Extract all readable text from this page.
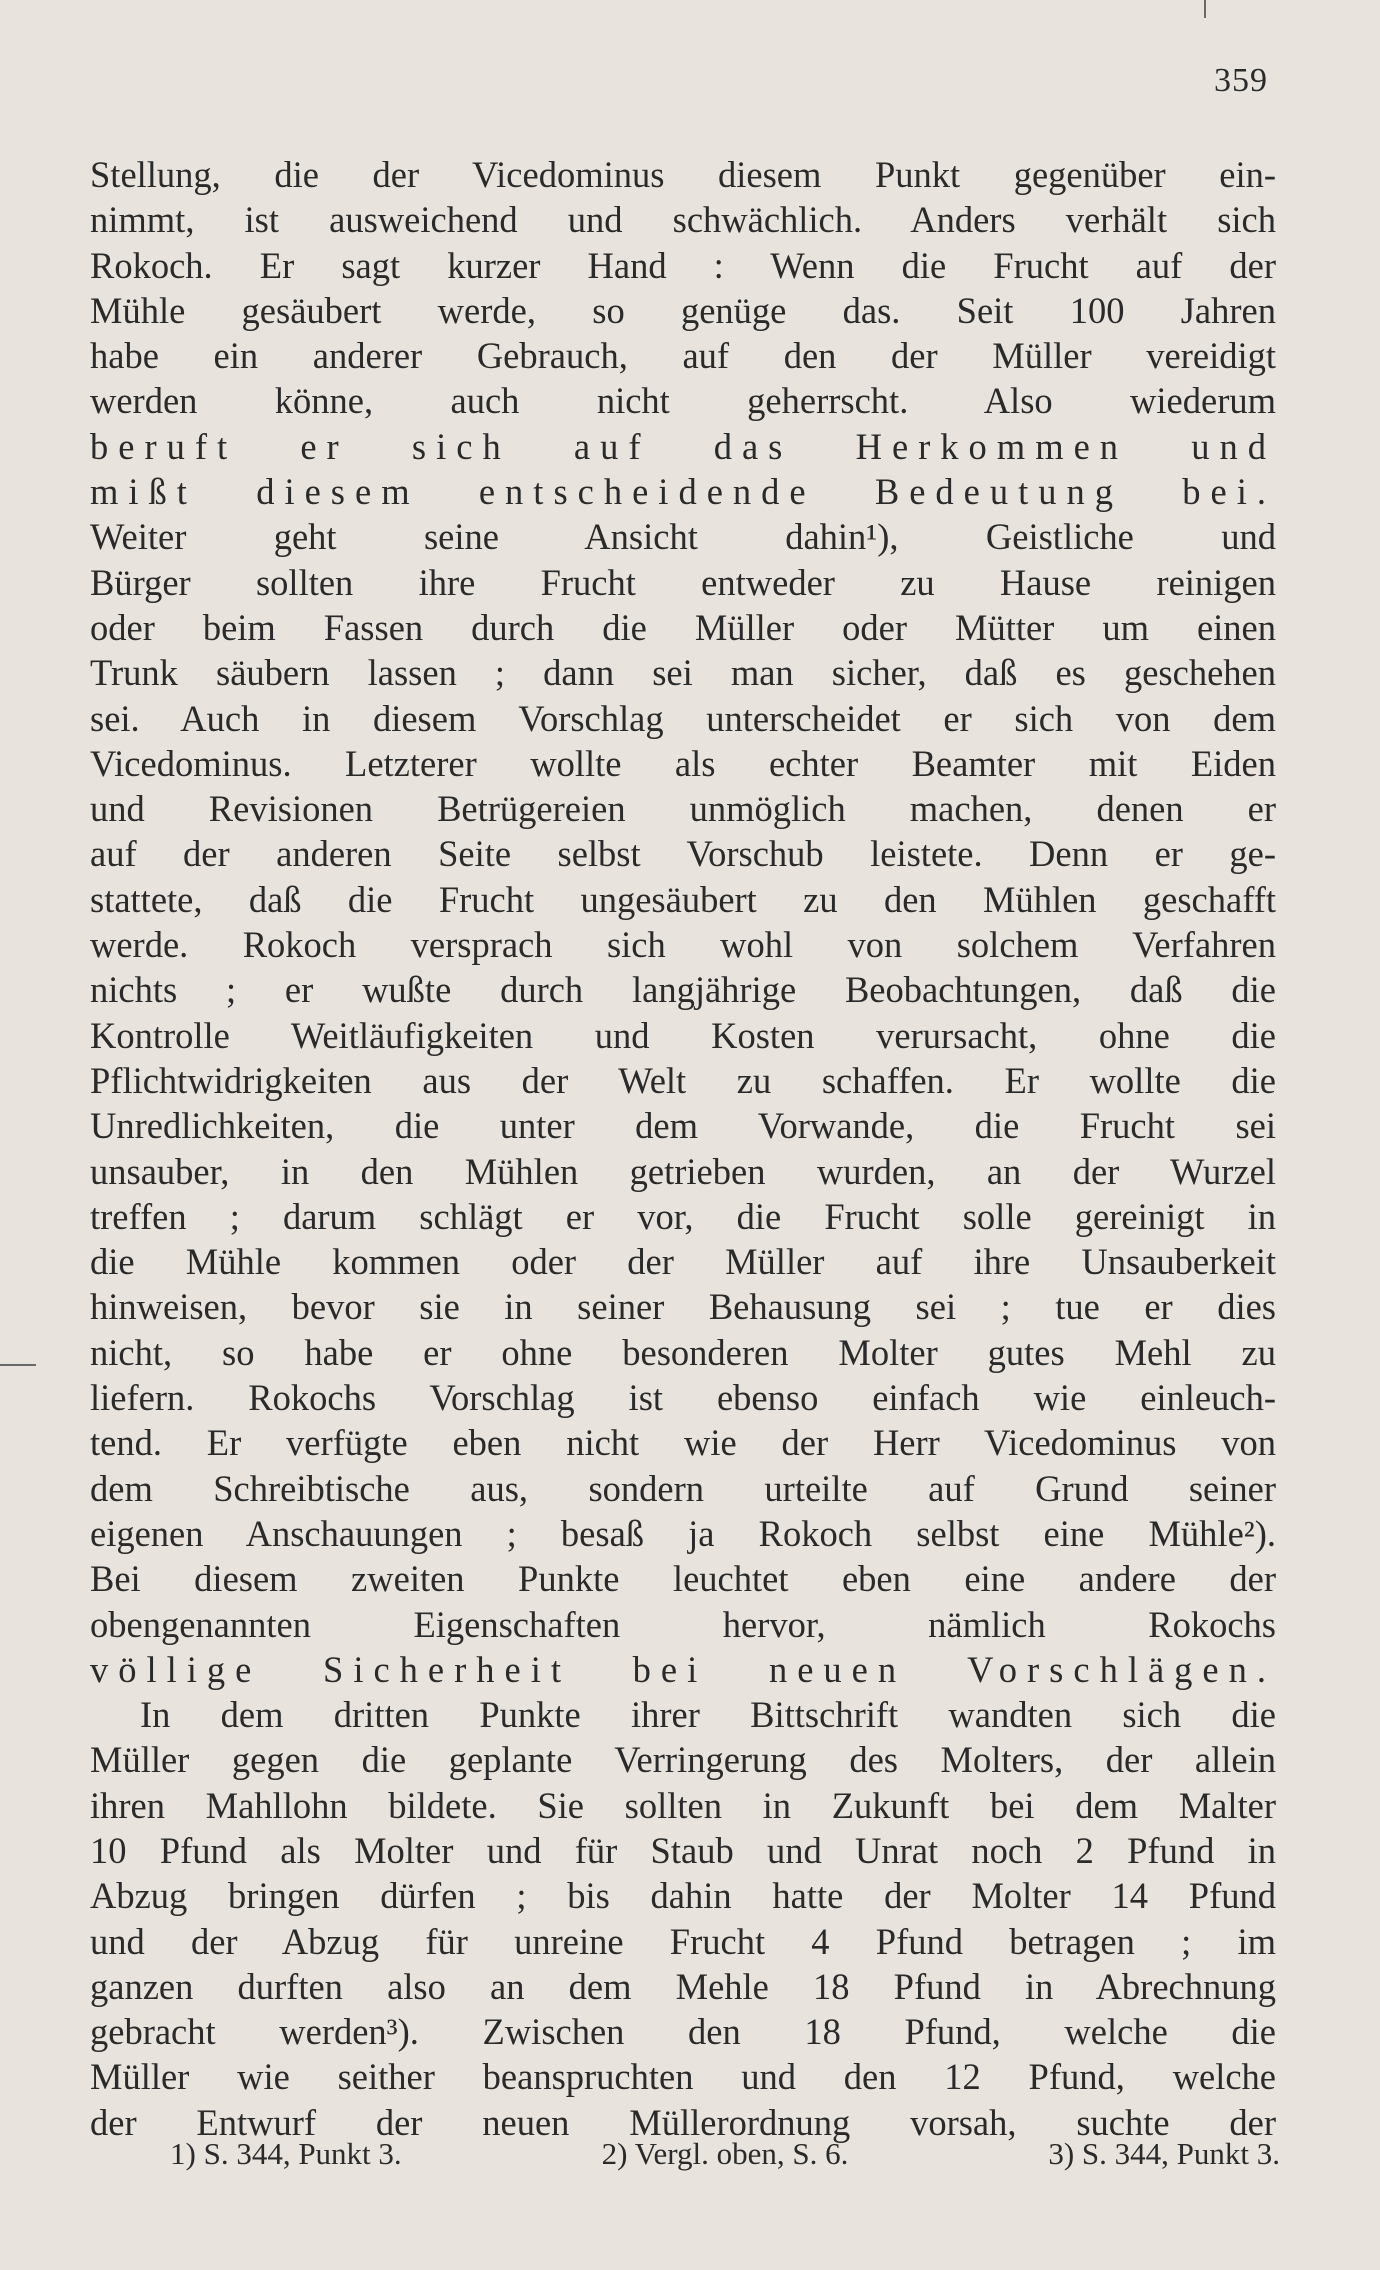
359
Stellung, die der Vicedominus diesem Punkt gegenüber ein-
nimmt, ist ausweichend und schwächlich. Anders verhält sich
Rokoch. Er sagt kurzer Hand : Wenn die Frucht auf der
Mühle gesäubert werde, so genüge das. Seit 100 Jahren
habe ein anderer Gebrauch, auf den der Müller vereidigt
werden könne, auch nicht geherrscht. Also wiederum
beruft er sich auf das Herkommen und
mißt diesem entscheidende Bedeutung bei.
Weiter geht seine Ansicht dahin¹), Geistliche und
Bürger sollten ihre Frucht entweder zu Hause reinigen
oder beim Fassen durch die Müller oder Mütter um einen
Trunk säubern lassen ; dann sei man sicher, daß es geschehen
sei. Auch in diesem Vorschlag unterscheidet er sich von dem
Vicedominus. Letzterer wollte als echter Beamter mit Eiden
und Revisionen Betrügereien unmöglich machen, denen er
auf der anderen Seite selbst Vorschub leistete. Denn er ge-
stattete, daß die Frucht ungesäubert zu den Mühlen geschafft
werde. Rokoch versprach sich wohl von solchem Verfahren
nichts ; er wußte durch langjährige Beobachtungen, daß die
Kontrolle Weitläufigkeiten und Kosten verursacht, ohne die
Pflichtwidrigkeiten aus der Welt zu schaffen. Er wollte die
Unredlichkeiten, die unter dem Vorwande, die Frucht sei
unsauber, in den Mühlen getrieben wurden, an der Wurzel
treffen ; darum schlägt er vor, die Frucht solle gereinigt in
die Mühle kommen oder der Müller auf ihre Unsauberkeit
hinweisen, bevor sie in seiner Behausung sei ; tue er dies
nicht, so habe er ohne besonderen Molter gutes Mehl zu
liefern. Rokochs Vorschlag ist ebenso einfach wie einleuch-
tend. Er verfügte eben nicht wie der Herr Vicedominus von
dem Schreibtische aus, sondern urteilte auf Grund seiner
eigenen Anschauungen ; besaß ja Rokoch selbst eine Mühle²).
Bei diesem zweiten Punkte leuchtet eben eine andere der
obengenannten Eigenschaften hervor, nämlich Rokochs
völlige Sicherheit bei neuen Vorschlägen.
In dem dritten Punkte ihrer Bittschrift wandten sich die
Müller gegen die geplante Verringerung des Molters, der allein
ihren Mahllohn bildete. Sie sollten in Zukunft bei dem Malter
10 Pfund als Molter und für Staub und Unrat noch 2 Pfund in
Abzug bringen dürfen ; bis dahin hatte der Molter 14 Pfund
und der Abzug für unreine Frucht 4 Pfund betragen ; im
ganzen durften also an dem Mehle 18 Pfund in Abrechnung
gebracht werden³). Zwischen den 18 Pfund, welche die
Müller wie seither beanspruchten und den 12 Pfund, welche
der Entwurf der neuen Müllerordnung vorsah, suchte der
1) S. 344, Punkt 3.	2) Vergl. oben, S. 6.	3) S. 344, Punkt 3.
